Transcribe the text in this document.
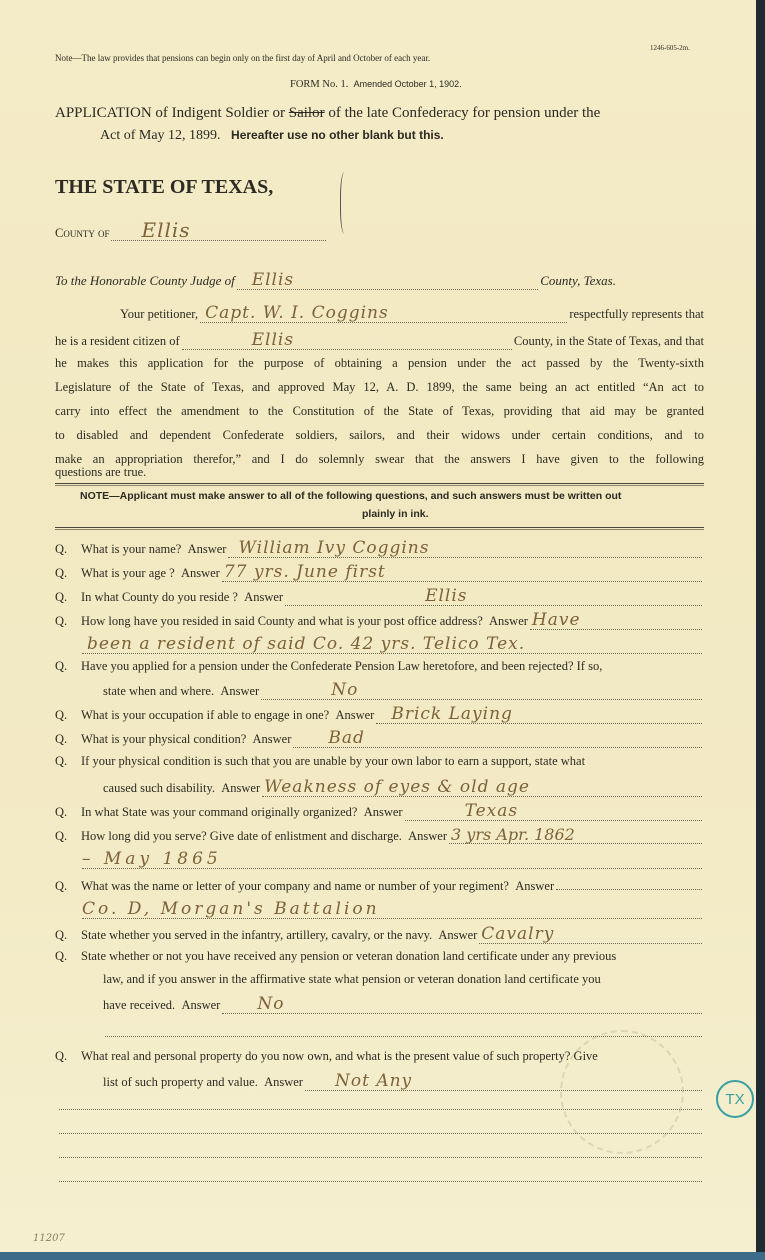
Note—The law provides that pensions can begin only on the first day of April and October of each year.
1246-605-2m.
FORM No. 1. Amended October 1, 1902.
APPLICATION of Indigent Soldier or Sailor of the late Confederacy for pension under the
Act of May 12, 1899. Hereafter use no other blank but this.
THE STATE OF TEXAS,
County of	Ellis
To the Honorable County Judge of	Ellis	County, Texas.
Your petitioner, Capt. W. I. Coggins	respectfully represents that
he is a resident citizen of	Ellis	County, in the State of Texas, and that
he makes this application for the purpose of obtaining a pension under the act passed by the Twenty-sixth
Legislature of the State of Texas, and approved May 12, A. D. 1899, the same being an act entitled “An act to
carry into effect the amendment to the Constitution of the State of Texas, providing that aid may be granted
to disabled and dependent Confederate soldiers, sailors, and their widows under certain conditions, and to
make an appropriation therefor,” and I do solemnly swear that the answers I have given to the following
questions are true.
NOTE—Applicant must make answer to all of the following questions, and such answers must be written out
plainly in ink.
Q.	What is your name?
Answer William Ivy Coggins
Q.	What is your age ?
Answer 77 yrs. June first
Q.	In what County do you reside ?
Answer	Ellis
Q.	How long have you resided in said County and what is your post office address?
Answer Have
been a resident of said Co. 42 yrs. Telico Tex.
Q.	Have you applied for a pension under the Confederate Pension Law heretofore, and been rejected? If so,
state when and where.
Answer	No
Q.	What is your occupation if able to engage in one?
Answer	Brick Laying
Q.	What is your physical condition?
Answer	Bad
Q.	If your physical condition is such that you are unable by your own labor to earn a support, state what
caused such disability.
Answer Weakness of eyes & old age
Q.	In what State was your command originally organized?
Answer	Texas
Q.	How long did you serve? Give date of enlistment and discharge.
Answer 3 yrs Apr. 1862
– May 1865
Q.	What was the name or letter of your company and name or number of your regiment?
Answer
Co. D, Morgan's Battalion
Q.	State whether you served in the infantry, artillery, cavalry, or the navy.
Answer Cavalry
Q.	State whether or not you have received any pension or veteran donation land certificate under any previous
law, and if you answer in the affirmative state what pension or veteran donation land certificate you
have received.
Answer	No
Q.	What real and personal property do you now own, and what is the present value of such property? Give
list of such property and value.
Answer	Not Any
TX
11207
